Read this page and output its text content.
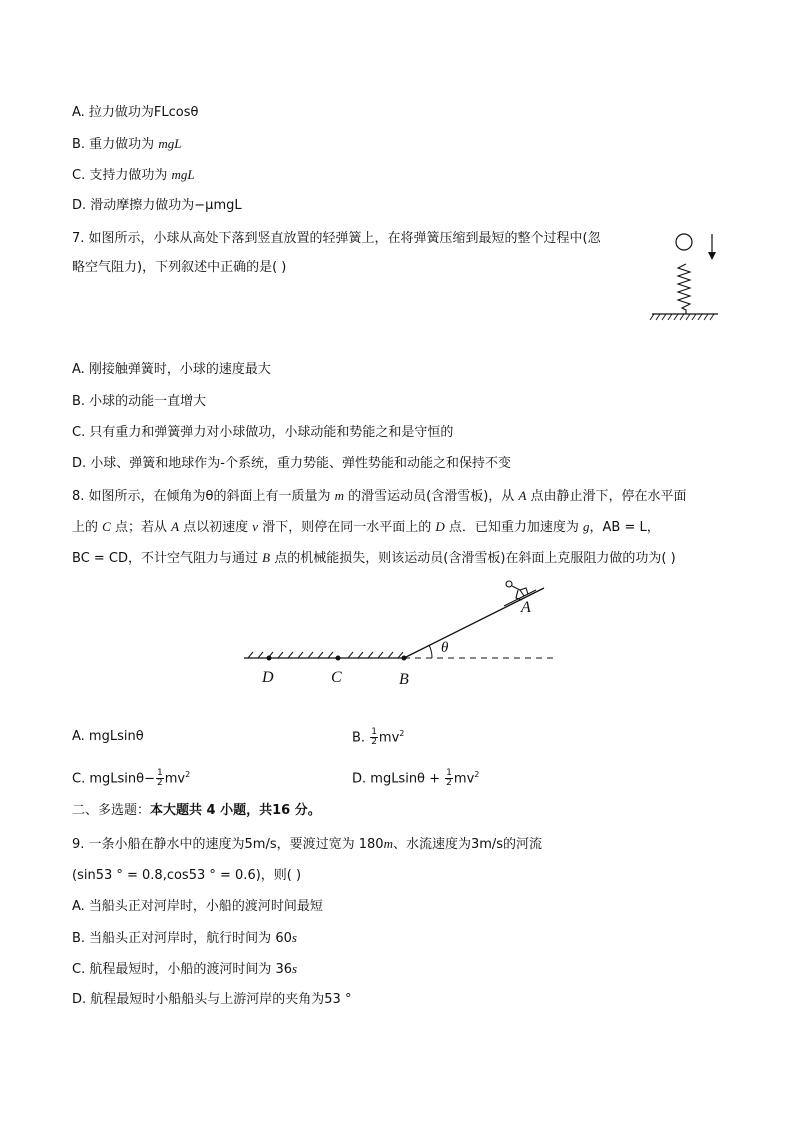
A. 拉力做功为FLcosθ
B. 重力做功为 mgL
C. 支持力做功为 mgL
D. 滑动摩擦力做功为−μmgL
7. 如图所示，小球从高处下落到竖直放置的轻弹簧上，在将弹簧压缩到最短的整个过程中(忽
略空气阻力)，下列叙述中正确的是( )
A. 刚接触弹簧时，小球的速度最大
B. 小球的动能一直增大
C. 只有重力和弹簧弹力对小球做功，小球动能和势能之和是守恒的
D. 小球、弹簧和地球作为-个系统，重力势能、弹性势能和动能之和保持不变
8. 如图所示，在倾角为θ的斜面上有一质量为 m 的滑雪运动员(含滑雪板)，从 A 点由静止滑下，停在水平面
上的 C 点；若从 A 点以初速度 v 滑下，则停在同一水平面上的 D 点．已知重力加速度为 g，AB = L，
BC = CD，不计空气阻力与通过 B 点的机械能损失，则该运动员(含滑雪板)在斜面上克服阻力做的功为( )
A
θ
D	C	B
A. mgLsinθ	B. $\frac{1}{2} mv^2$
C. $mgLsin\theta- \frac{1}{2} mv^2$	D. $mgLsin\theta + \frac{1}{2} mv^2$
二、多选题：本大题共 4 小题，共16 分。
9. 一条小船在静水中的速度为5m/s，要渡过宽为 180m、水流速度为3m/s的河流
(sin53 ° = 0.8,cos53 ° = 0.6)，则( )
A. 当船头正对河岸时，小船的渡河时间最短
B. 当船头正对河岸时，航行时间为 60s
C. 航程最短时，小船的渡河时间为 36s
D. 航程最短时小船船头与上游河岸的夹角为53 °
